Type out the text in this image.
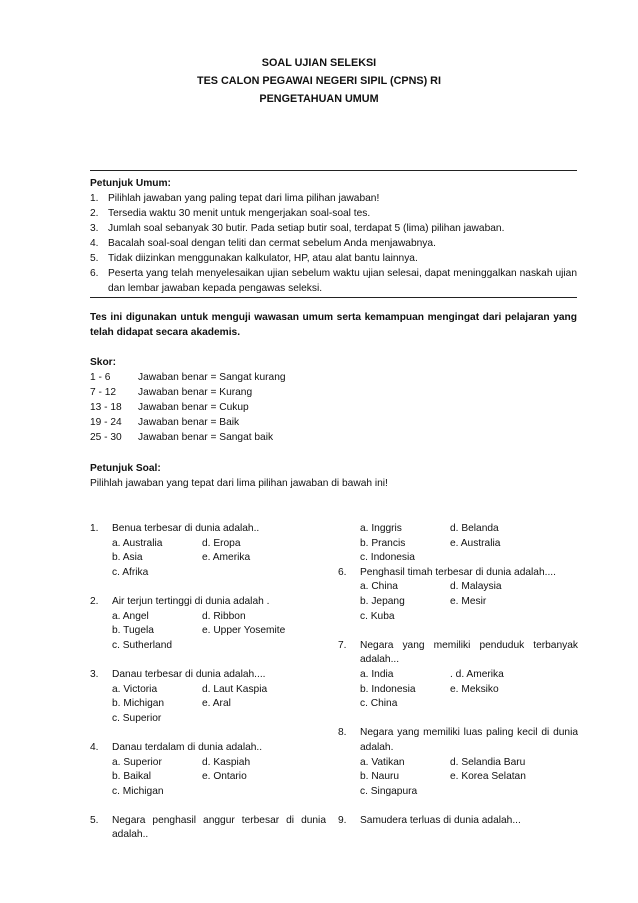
SOAL UJIAN SELEKSI
TES CALON PEGAWAI NEGERI SIPIL (CPNS) RI
PENGETAHUAN UMUM
Petunjuk Umum:
1. Pilihlah jawaban yang paling tepat dari lima pilihan jawaban!
2. Tersedia waktu 30 menit untuk mengerjakan soal-soal tes.
3. Jumlah soal sebanyak 30 butir. Pada setiap butir soal, terdapat 5 (lima) pilihan jawaban.
4. Bacalah soal-soal dengan teliti dan cermat sebelum Anda menjawabnya.
5. Tidak diizinkan menggunakan kalkulator, HP, atau alat bantu lainnya.
6. Peserta yang telah menyelesaikan ujian sebelum waktu ujian selesai, dapat meninggalkan naskah ujian dan lembar jawaban kepada pengawas seleksi.
Tes ini digunakan untuk menguji wawasan umum serta kemampuan mengingat dari pelajaran yang telah didapat secara akademis.
Skor:
1 - 6	Jawaban benar = Sangat kurang
7 - 12	Jawaban benar = Kurang
13 - 18	Jawaban benar = Cukup
19 - 24	Jawaban benar = Baik
25 - 30	Jawaban benar = Sangat baik
Petunjuk Soal:
Pilihlah jawaban yang tepat dari lima pilihan jawaban di bawah ini!
1.	Benua terbesar di dunia adalah..
a. Australia	d. Eropa
b. Asia	e. Amerika
c. Afrika
2.	Air terjun tertinggi di dunia adalah .
a. Angel	d. Ribbon
b. Tugela	e. Upper Yosemite
c. Sutherland
3.	Danau terbesar di dunia adalah....
a. Victoria	d. Laut Kaspia
b. Michigan	e. Aral
c. Superior
4.	Danau terdalam di dunia adalah..
a. Superior	d. Kaspiah
b. Baikal	e. Ontario
c. Michigan
5.	Negara penghasil anggur terbesar di dunia adalah..
a. Inggris	d. Belanda
b. Prancis	e. Australia
c. Indonesia
6.	Penghasil timah terbesar di dunia adalah....
a. China	d. Malaysia
b. Jepang	e. Mesir
c. Kuba
7.	Negara yang memiliki penduduk terbanyak adalah...
a. India	. d. Amerika
b. Indonesia	e. Meksiko
c. China
8.	Negara yang memiliki luas paling kecil di dunia adalah.
a. Vatikan	d. Selandia Baru
b. Nauru	e. Korea Selatan
c. Singapura
9.	Samudera terluas di dunia adalah...
